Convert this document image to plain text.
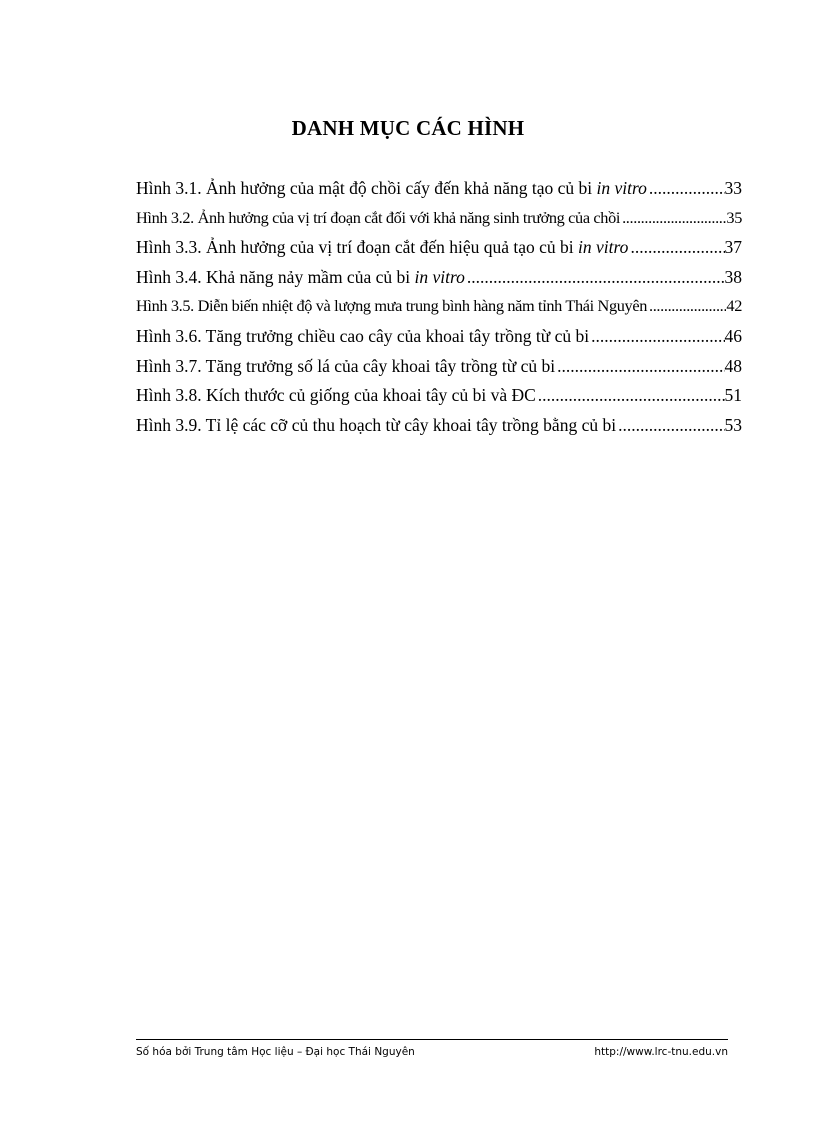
DANH MỤC CÁC HÌNH
Hình 3.1. Ảnh hưởng của mật độ chồi cấy đến khả năng tạo củ bi in vitro .....	33
Hình 3.2. Ảnh hưởng của vị trí đoạn cắt đối với khả năng sinh trưởng của chồi .....	35
Hình 3.3. Ảnh hưởng của vị trí đoạn cắt đến hiệu quả tạo củ bi in vitro .....	37
Hình 3.4. Khả năng nảy mầm của củ bi in vitro .....	38
Hình 3.5. Diễn biến nhiệt độ và lượng mưa trung bình hàng năm tỉnh Thái Nguyên .....	42
Hình 3.6. Tăng trưởng chiều cao cây của khoai tây trồng từ củ bi .....	46
Hình 3.7. Tăng trưởng số lá của cây khoai tây trồng từ củ bi .....	48
Hình 3.8. Kích thước củ giống của khoai tây củ bi và ĐC .....	51
Hình 3.9. Tỉ lệ các cỡ củ thu hoạch từ cây khoai tây trồng bằng củ bi .....	53
Số hóa bởi Trung tâm Học liệu – Đại học Thái Nguyên	http://www.lrc-tnu.edu.vn
